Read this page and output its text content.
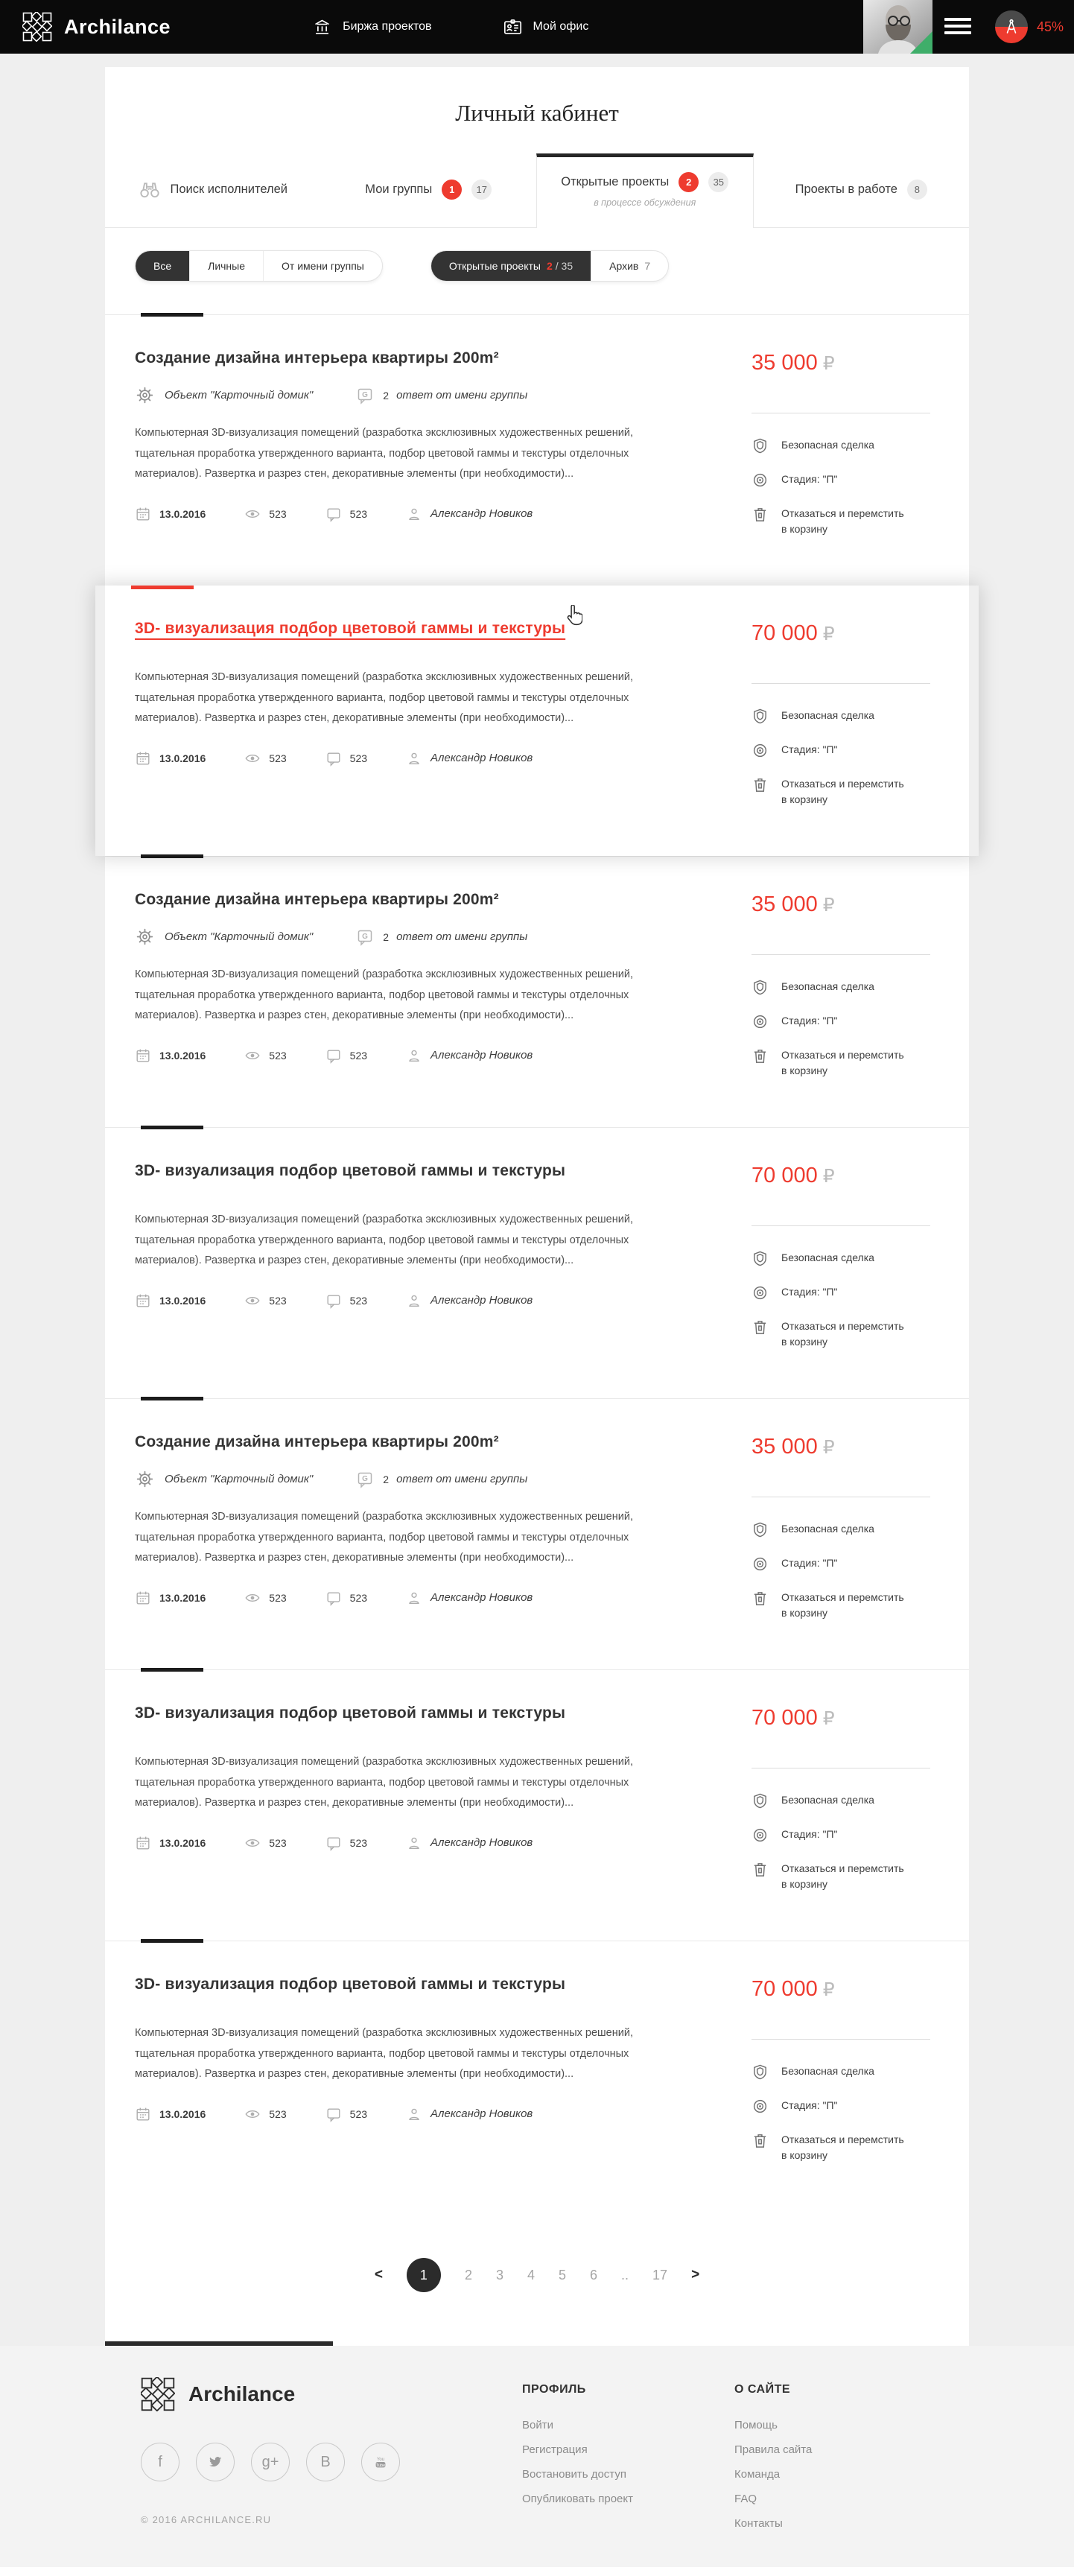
Archilance	Биржа проектов	Мой офис	45%
Личный кабинет
Поиск исполнителей	Мои группы	1	17
Открытые проекты	2	35
в процессе обсуждения
Проекты в работе	8
Все	Личные	От имени группы	Открытые проекты 2 / 35	Архив 7
Создание дизайна интерьера квартиры 200m²
Объект "Карточный домик"	2 ответ от имени группы

Компьютерная 3D-визуализация помещений (разработка эксклюзивных художественных решений, тщательная проработка утвержденного варианта, подбор цветовой гаммы и текстуры отделочных материалов). Развертка и разрез стен, декоративные элементы (при необходимости)...

13.0.2016	523	523	Александр Новиков
35 000 ₽
Безопасная сделка
Стадия: "П"
Отказаться и перемстить в корзину
3D- визуализация подбор цветовой гаммы и текстуры

Компьютерная 3D-визуализация помещений (разработка эксклюзивных художественных решений, тщательная проработка утвержденного варианта, подбор цветовой гаммы и текстуры отделочных материалов). Развертка и разрез стен, декоративные элементы (при необходимости)...

13.0.2016	523	523	Александр Новиков
70 000 ₽
Безопасная сделка
Стадия: "П"
Отказаться и перемстить в корзину
Создание дизайна интерьера квартиры 200m²
Объект "Карточный домик"	2 ответ от имени группы

Компьютерная 3D-визуализация помещений (разработка эксклюзивных художественных решений, тщательная проработка утвержденного варианта, подбор цветовой гаммы и текстуры отделочных материалов). Развертка и разрез стен, декоративные элементы (при необходимости)...

13.0.2016	523	523	Александр Новиков
35 000 ₽
Безопасная сделка
Стадия: "П"
Отказаться и перемстить в корзину
3D- визуализация подбор цветовой гаммы и текстуры

Компьютерная 3D-визуализация помещений (разработка эксклюзивных художественных решений, тщательная проработка утвержденного варианта, подбор цветовой гаммы и текстуры отделочных материалов). Развертка и разрез стен, декоративные элементы (при необходимости)...

13.0.2016	523	523	Александр Новиков
70 000 ₽
Безопасная сделка
Стадия: "П"
Отказаться и перемстить в корзину
Создание дизайна интерьера квартиры 200m²
Объект "Карточный домик"	2 ответ от имени группы

Компьютерная 3D-визуализация помещений (разработка эксклюзивных художественных решений, тщательная проработка утвержденного варианта, подбор цветовой гаммы и текстуры отделочных материалов). Развертка и разрез стен, декоративные элементы (при необходимости)...

13.0.2016	523	523	Александр Новиков
35 000 ₽
Безопасная сделка
Стадия: "П"
Отказаться и перемстить в корзину
3D- визуализация подбор цветовой гаммы и текстуры

Компьютерная 3D-визуализация помещений (разработка эксклюзивных художественных решений, тщательная проработка утвержденного варианта, подбор цветовой гаммы и текстуры отделочных материалов). Развертка и разрез стен, декоративные элементы (при необходимости)...

13.0.2016	523	523	Александр Новиков
70 000 ₽
Безопасная сделка
Стадия: "П"
Отказаться и перемстить в корзину
3D- визуализация подбор цветовой гаммы и текстуры

Компьютерная 3D-визуализация помещений (разработка эксклюзивных художественных решений, тщательная проработка утвержденного варианта, подбор цветовой гаммы и текстуры отделочных материалов). Развертка и разрез стен, декоративные элементы (при необходимости)...

13.0.2016	523	523	Александр Новиков
70 000 ₽
Безопасная сделка
Стадия: "П"
Отказаться и перемстить в корзину
<	1	2 3 4 5 6 .. 17 >
Archilance
f	g+	B
© 2016 ARCHILANCE.RU
ПРОФИЛЬ
Войти
Регистрация
Востановить доступ
Опубликовать проект
О САЙТЕ
Помощь
Правила сайта
Команда
FAQ
Контакты
